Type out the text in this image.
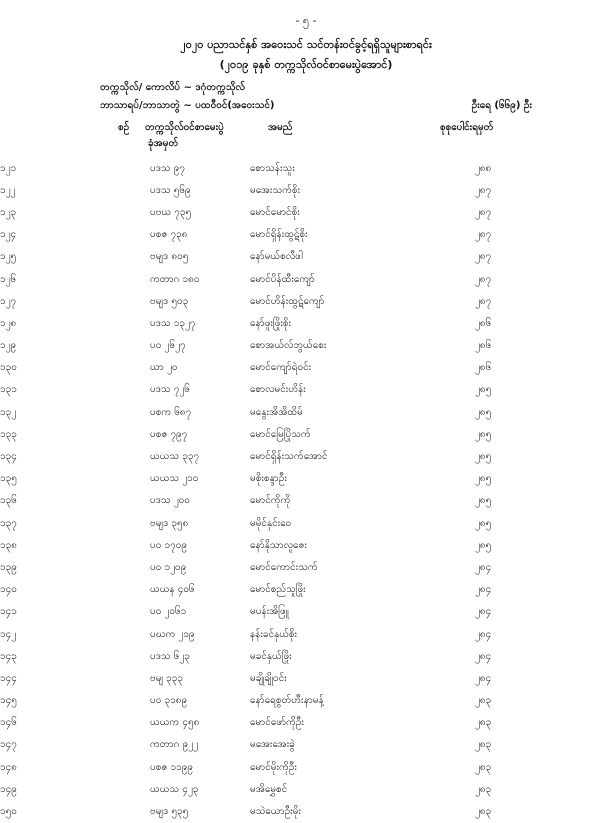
- ၅ -
၂၀၂၀ ပညာသင်နှစ် အဝေးသင် သင်တန်းဝင်ခွင့်ရရှိသူများစာရင်း
(၂၀၁၉ ခုနှစ် တက္ကသိုလ်ဝင်စာမေးပွဲအောင်)
တက္ကသိုလ်/ ကောလိပ် ~ ဒဂုံတက္ကသိုလ်
ဘာသာရပ်/ဘာသာတွဲ ~ ပထဝီဝင်(အဝေးသင်)	ဦးရေ (၆၆၉) ဦး
စဉ် တက္ကသိုလ်ဝင်စာမေးပွဲ
ခုံအမှတ်
အမည်	စုစုပေါင်းရမှတ်
၁၂၁	ပဒသ ၉၇	စောသန်းသူး	၂၈၈
၁၂၂	ပဒသ ၅၆၉	မအေးသက်စိုး	၂၈၇
၁၂၃	ပဗယ ၇၃၅	မောင်မောင်စိုး	၂၈၇
၁၂၄	ပစဇ ၇၃၈	မောင်ရှိန်းထွဋ်စိုး	၂၈၇
၁၂၅	ဗမျဒ ၈၀၅	နော်မယ်စလီဖါ	၂၈၇
၁၂၆	ကတာဂ ၁၈၀	မောင်ပိန်ထီးကျော်	၂၈၇
၁၂၇	ဗမျဒ ၅၀၃	မောင်ဟိန်းထွဋ်ကျော်	၂၈၇
၁၂၈	ပဒသ ၁၃၂၇	နော်ဖူးဖြိုးစိုး	၂၈၆
၁၂၉	ပဝ ၂၆၂၇	စောအယ်လ်ဘွယ်စေး	၂၈၆
၁၃၀	ယာ ၂၀	မောင်ကျော်ရဲဝင်း	၂၈၆
၁၃၁	ပဒသ ၇၂၆	စောလမင်းဟိန်း	၂၈၅
၁၃၂	ပစက ၆၈၇	မနွေးအိအိထိမ်	၂၈၅
၁၃၃	ပစဇ ၇၉၇	မောင်မြေပြိုသက်	၂၈၅
၁၃၄	ယယသ ၃၃၇	မောင်ရှိန်းသက်အောင်	၂၈၅
၁၃၅	ယယသ ၂၁၀	မစိုးစန္ဒာဦး	၂၈၅
၁၃၆	ပဒသ ၂၀၀	မောင်ကိုကို	၂၈၅
၁၃၇	ဗမျဒ ၃၅၈	မမိုင်နှင်းဝေ	၂၈၅
၁၃၈	ပဝ ၁၇၀၉	နော်နိုသာလူဇေး	၂၈၅
၁၃၉	ပဝ ၁၂၀၉	မောင်ကောင်းသက်	၂၈၄
၁၄၀	ယယန ၄၀၆	မောင်စည်သူဖြိုး	၂၈၄
၁၄၁	ပဝ ၂၀၆၁	မပန်းအိဖြူ	၂၈၄
၁၄၂	ပဃက ၂၁၉	နန်းခင်နှယ်စိုး	၂၈၄
၁၄၃	ပဒသ ၆၂၃	မခင်နှယ်ဖြိုး	၂၈၄
၁၄၄	ဗမျ ၃၃၃	မချိုချိုဝင်း	၂၈၄
၁၄၅	ပဝ ၃၁၈၉	နော်ရေစွတ်ဟီးနာမန့်	၂၈၃
၁၄၆	ယယက ၄၅၈	မောင်ဖော်ကိုဦး	၂၈၃
၁၄၇	ကတာဂ ၉၂၂	မအေးအေးခွဲ	၂၈၃
၁၄၈	ပစဇ ၁၁၉၉	မောင်မိုးကိုဦး	၂၈၃
၁၄၉	ယယသ ၄၂၃	မအိမွှေစင်	၂၈၃
၁၅၀	ဗမျဒ ၅၃၅	မသဲယောဦးမိုး	၂၈၃
